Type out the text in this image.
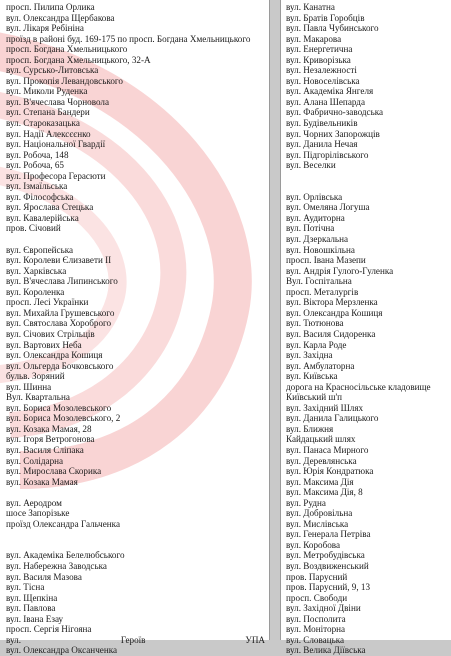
просп. Пилипа Орлика
вул. Олександра Щербакова
вул. Лікаря Ребініна
проїзд в районі буд. 169-175 по просп. Богдана Хмельницького
просп. Богдана Хмельницького
просп. Богдана Хмельницького, 32-А
вул. Сурсько-Литовська
вул. Прокопія Левандовського
вул. Миколи Руденка
вул. В'ячеслава Чорновола
вул. Степана Бандери
вул. Староказацька
вул. Надії Алексєєнко
вул. Національної Гвардії
вул. Робоча, 148
вул. Робоча, 65
вул. Професора Герасюти
вул. Ізмаїльська
вул. Філософська
вул. Ярослава Стецька
вул. Кавалерійська
пров. Січовий
вул. Європейська
вул. Королеви Єлизавети ІІ
вул. Харківська
вул. В'ячеслава Липинського
вул. Короленка
просп. Лесі Українки
вул. Михайла Грушевського
вул. Святослава Хороброго
вул. Січових Стрільців
вул. Вартових Неба
вул. Олександра Кошиця
вул. Ольгерда Бочковського
бульв. Зоряний
вул. Шинна
Вул. Квартальна
вул. Бориса Мозолевського
вул. Бориса Мозолевського, 2
вул. Козака Мамая, 28
вул. Ігоря Ветрогонова
вул. Василя Сліпака
вул. Солідарна
вул. Мирослава Скорика
вул. Козака Мамая
вул. Аеродром
шосе Запорізьке
проїзд Олександра Гальченка
вул. Академіка Белелюбського
вул. Набережна Заводська
вул. Василя Мазова
вул. Тісна
вул. Щепкіна
вул. Павлова
вул. Івана Езау
просп. Сергія Нігояна
вул.	Героїв	УПА
вул. Олександра Оксанченка
вул. Канатна
вул. Братів Горобців
вул. Павла Чубинського
вул. Макарова
вул. Енергетична
вул. Криворізька
вул. Незалежності
вул. Новоселівська
вул. Академіка Янгеля
вул. Алана Шепарда
вул. Фабрично-заводська
вул. Будівельників
вул. Чорних Запорожців
вул. Данила Нечая
вул. Підгорілівського
вул. Веселки
вул. Орлівська
вул. Омеляна Логуша
вул. Аудиторна
вул. Потічна
вул. Дзеркальна
вул. Новошкільна
просп. Івана Мазепи
вул. Андрія Гулого-Гуленка
Вул. Госпітальна
просп. Металургів
вул. Віктора Мерзленка
вул. Олександра Кошиця
вул. Тютюнова
вул. Василя Сидоренка
вул. Карла Роде
вул. Західна
вул. Амбулаторна
вул. Київська
дорога на Красносільське кладовище
Київський ш'п
вул. Західний Шлях
вул. Данила Галицького
вул. Ближня
Кайдацький шлях
вул. Панаса Мирного
вул. Деревлянська
вул. Юрія Кондратюка
вул. Максима Дія
вул. Максима Дія, 8
вул. Рудна
вул. Добровільна
вул. Мислівська
вул. Генерала Петріва
вул. Коробова
вул. Метробудівська
вул. Воздвиженський
пров. Парусний
пров. Парусний, 9, 13
просп. Свободи
вул. Західної Двіни
вул. Посполита
вул. Моніторна
вул. Словацька
вул. Велика Діївська
